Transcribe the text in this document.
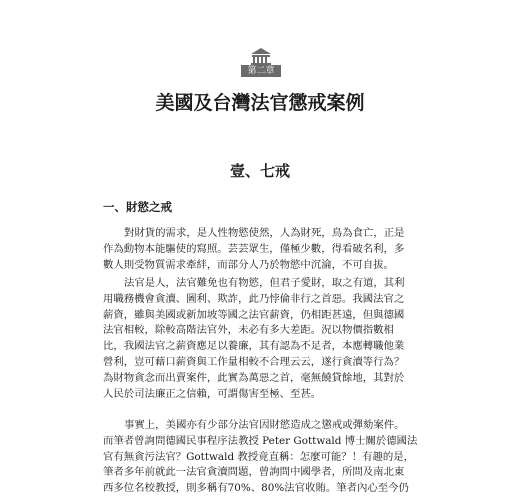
第二章
美國及台灣法官懲戒案例
壹、七戒
一、財慾之戒
對財貨的需求，是人性物慾使然，人為財死，鳥為食亡，正是
作為動物本能驅使的寫照。芸芸眾生，僅極少數，得看破名利，多
數人則受物質需求牽絆，而部分人乃於物慾中沉淪，不可自拔。
法官是人，法官難免也有物慾，但君子愛財，取之有道，其利
用職務機會貪瀆、圖利、欺詐，此乃悖倫非行之首惡。我國法官之
薪資，雖與美國或新加坡等國之法官薪資，仍相距甚遠，但與德國
法官相較，除較高階法官外，未必有多大差距。況以物價指數相
比，我國法官之薪資應足以養廉，其有認為不足者，本應轉職他業
營利，豈可藉口薪資與工作量相較不合理云云，遂行貪瀆等行為？
為財物貪念而出賣案件，此實為萬惡之首，毫無饒貸餘地，其對於
人民於司法廉正之信賴，可謂傷害至極、至甚。
事實上，美國亦有少部分法官因財慾造成之懲戒或彈劾案件。
而筆者曾詢問德國民事程序法教授 Peter Gottwald 博士關於德國法
官有無貪污法官？Gottwald 教授竟直稱：怎麼可能？！有趣的是，
筆者多年前就此一法官貪瀆問題，曾詢問中國學者，所問及南北東
西多位名校教授，則多稱有70%、80%法官收賄。筆者內心至今仍
